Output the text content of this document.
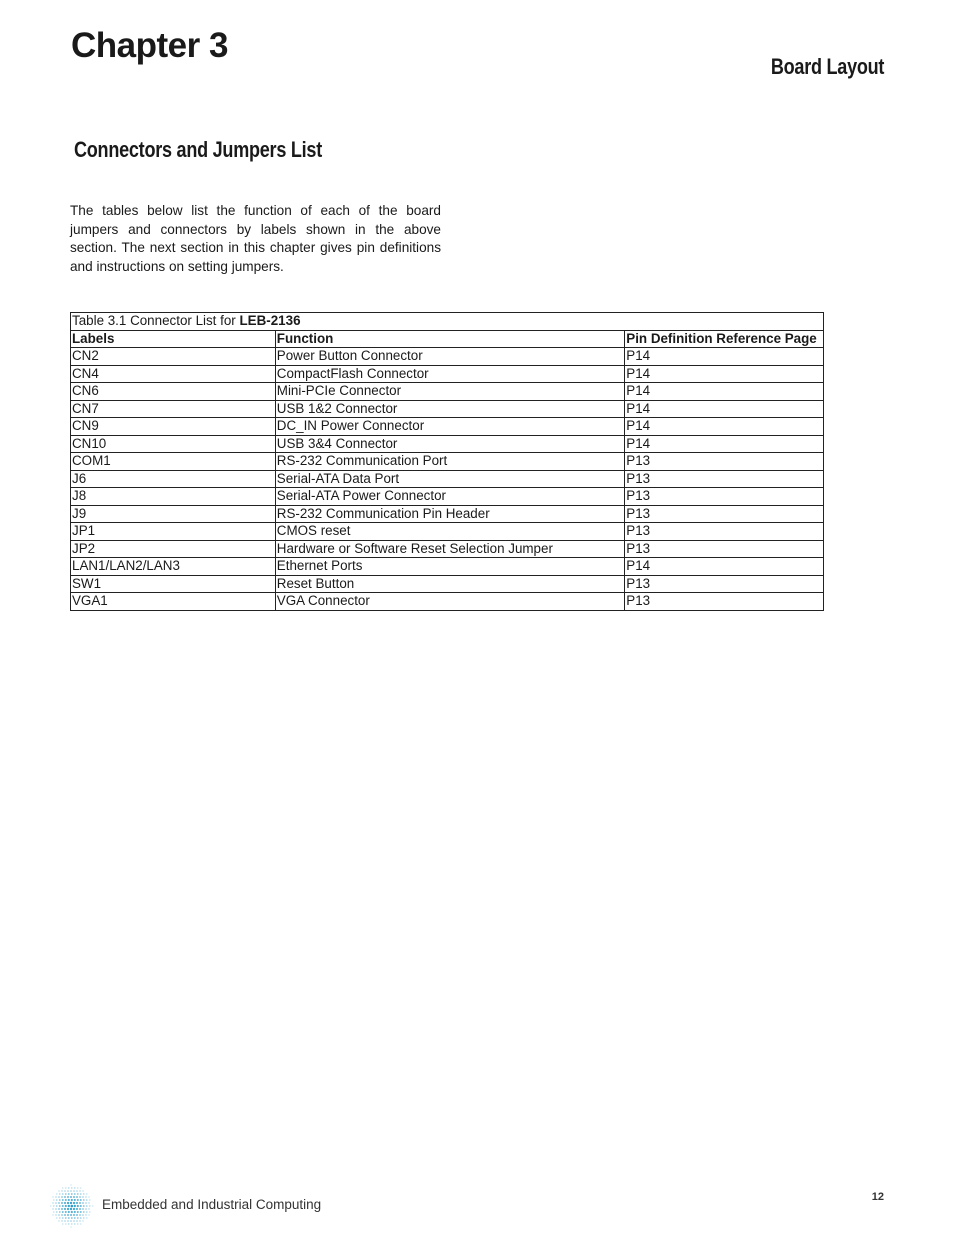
Chapter 3
Board Layout
Connectors and Jumpers List

The tables below list the function of each of the board jumpers and connectors by labels shown in the above section. The next section in this chapter gives pin definitions and instructions on setting jumpers.

Table 3.1 Connector List for LEB-2136		
Labels	Function	Pin Definition Reference Page
CN2	Power Button Connector	P14
CN4	CompactFlash Connector	P14
CN6	Mini-PCIe Connector	P14
CN7	USB 1&2 Connector	P14
CN9	DC_IN Power Connector	P14
CN10	USB 3&4 Connector	P14
COM1	RS-232 Communication Port	P13
J6	Serial-ATA Data Port	P13
J8	Serial-ATA Power Connector	P13
J9	RS-232 Communication Pin Header	P13
JP1	CMOS reset	P13
JP2	Hardware or Software Reset Selection Jumper	P13
LAN1/LAN2/LAN3	Ethernet Ports	P14
SW1	Reset Button	P13
VGA1	VGA Connector	P13
Embedded and Industrial Computing	12
